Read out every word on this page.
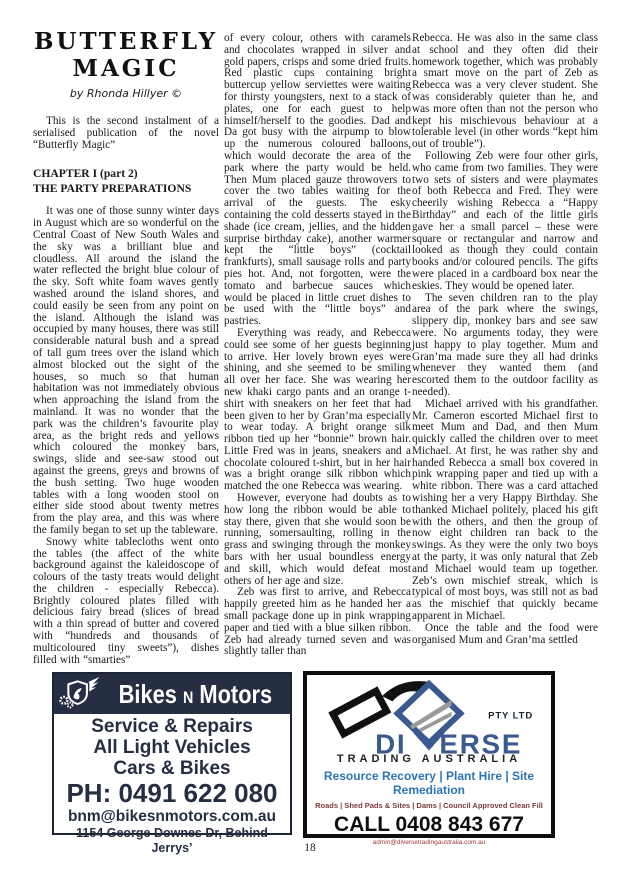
BUTTERFLY
MAGIC
by Rhonda Hillyer ©

This is the second instalment of a serialised publication of the novel “Butterfly Magic”

CHAPTER I (part 2)
THE PARTY PREPARATIONS

It was one of those sunny winter days in August which are so wonderful on the Central Coast of New South Wales and the sky was a brilliant blue and cloudless. All around the island the water reflected the bright blue colour of the sky. Soft white foam waves gently washed around the island shores, and could easily be seen from any point on the island. Although the island was occupied by many houses, there was still considerable natural bush and a spread of tall gum trees over the island which almost blocked out the sight of the houses, so much so that human habitation was not immediately obvious when approaching the island from the mainland. It was no wonder that the park was the children’s favourite play area, as the bright reds and yellows which coloured the monkey bars, swings, slide and see-saw stood out against the greens, greys and browns of the bush setting. Two huge wooden tables with a long wooden stool on either side stood about twenty metres from the play area, and this was where the family began to set up the tableware.

Snowy white tablecloths went onto the tables (the affect of the white background against the kaleidoscope of colours of the tasty treats would delight the children - especially Rebecca). Brightly coloured plates filled with delicious fairy bread (slices of bread with a thin spread of butter and covered with “hundreds and thousands of multicoloured tiny sweets”), dishes filled with “smarties”

of every colour, others with caramels and chocolates wrapped in silver and gold papers, crisps and some dried fruits. Red plastic cups containing bright buttercup yellow serviettes were waiting for thirsty youngsters, next to a stack of plates, one for each guest to help himself/herself to the goodies. Dad and Da got busy with the airpump to blow up the numerous coloured balloons, which would decorate the area of the park where the party would be held. Then Mum placed gauze throwovers to cover the two tables waiting for the arrival of the guests. The esky containing the cold desserts stayed in the shade (ice cream, jellies, and the hidden surprise birthday cake), another warmer kept the “little boys” (cocktail frankfurts), small sausage rolls and party pies hot. And, not forgotten, were the tomato and barbecue sauces which would be placed in little cruet dishes to be used with the “little boys” and pastries.

Everything was ready, and Rebecca could see some of her guests beginning to arrive. Her lovely brown eyes were shining, and she seemed to be smiling all over her face. She was wearing her new khaki cargo pants and an orange t-shirt with sneakers on her feet that had been given to her by Gran’ma especially to wear today. A bright orange silk ribbon tied up her “bonnie” brown hair. Little Fred was in jeans, sneakers and a chocolate coloured t-shirt, but in her hair was a bright orange silk ribbon which matched the one Rebecca was wearing.

However, everyone had doubts as to how long the ribbon would be able to stay there, given that she would soon be running, somersaulting, rolling in the grass and swinging through the monkey bars with her usual boundless energy and skill, which would defeat most others of her age and size.

Zeb was first to arrive, and Rebecca happily greeted him as he handed her a small package done up in pink wrapping paper and tied with a blue silken ribbon. Zeb had already turned seven and was slightly taller than

Rebecca. He was also in the same class at school and they often did their homework together, which was probably a smart move on the part of Zeb as Rebecca was a very clever student. She was considerably quieter than he, and was more often than not the person who kept his mischievous behaviour at a tolerable level (in other words “kept him out of trouble”).

Following Zeb were four other girls, who came from two families. They were two sets of sisters and were playmates of both Rebecca and Fred. They were cheerily wishing Rebecca a “Happy Birthday” and each of the little girls gave her a small parcel – these were square or rectangular and narrow and looked as though they could contain books and/or coloured pencils. The gifts were placed in a cardboard box near the eskies. They would be opened later.

The seven children ran to the play area of the park where the swings, slippery dip, monkey bars and see saw were. No arguments today, they were just happy to play together. Mum and Gran’ma made sure they all had drinks whenever they wanted them (and escorted them to the outdoor facility as needed).

Michael arrived with his grandfather. Mr. Cameron escorted Michael first to meet Mum and Dad, and then Mum quickly called the children over to meet Michael. At first, he was rather shy and handed Rebecca a small box covered in pink wrapping paper and tied up with a white ribbon. There was a card attached wishing her a very Happy Birthday. She thanked Michael politely, placed his gift with the others, and then the group of now eight children ran back to the swings. As they were the only two boys at the party, it was only natural that Zeb and Michael would team up together. Zeb’s own mischief streak, which is typical of most boys, was still not as bad as the mischief that quickly became apparent in Michael.

Once the table and the food were organised Mum and Gran’ma settled

Bikes N Motors
Service & Repairs
All Light Vehicles
Cars & Bikes
PH: 0491 622 080
bnm@bikesnmotors.com.au
1154 George Downes Dr, Behind Jerrys’
PTY LTD
DI ERSE
TRADING AUSTRALIA
Resource Recovery | Plant Hire | Site Remediation
Roads | Shed Pads & Sites | Dams | Council Approved Clean Fill
CALL 0408 843 677
admin@diversetradingaustralia.com.au
18
